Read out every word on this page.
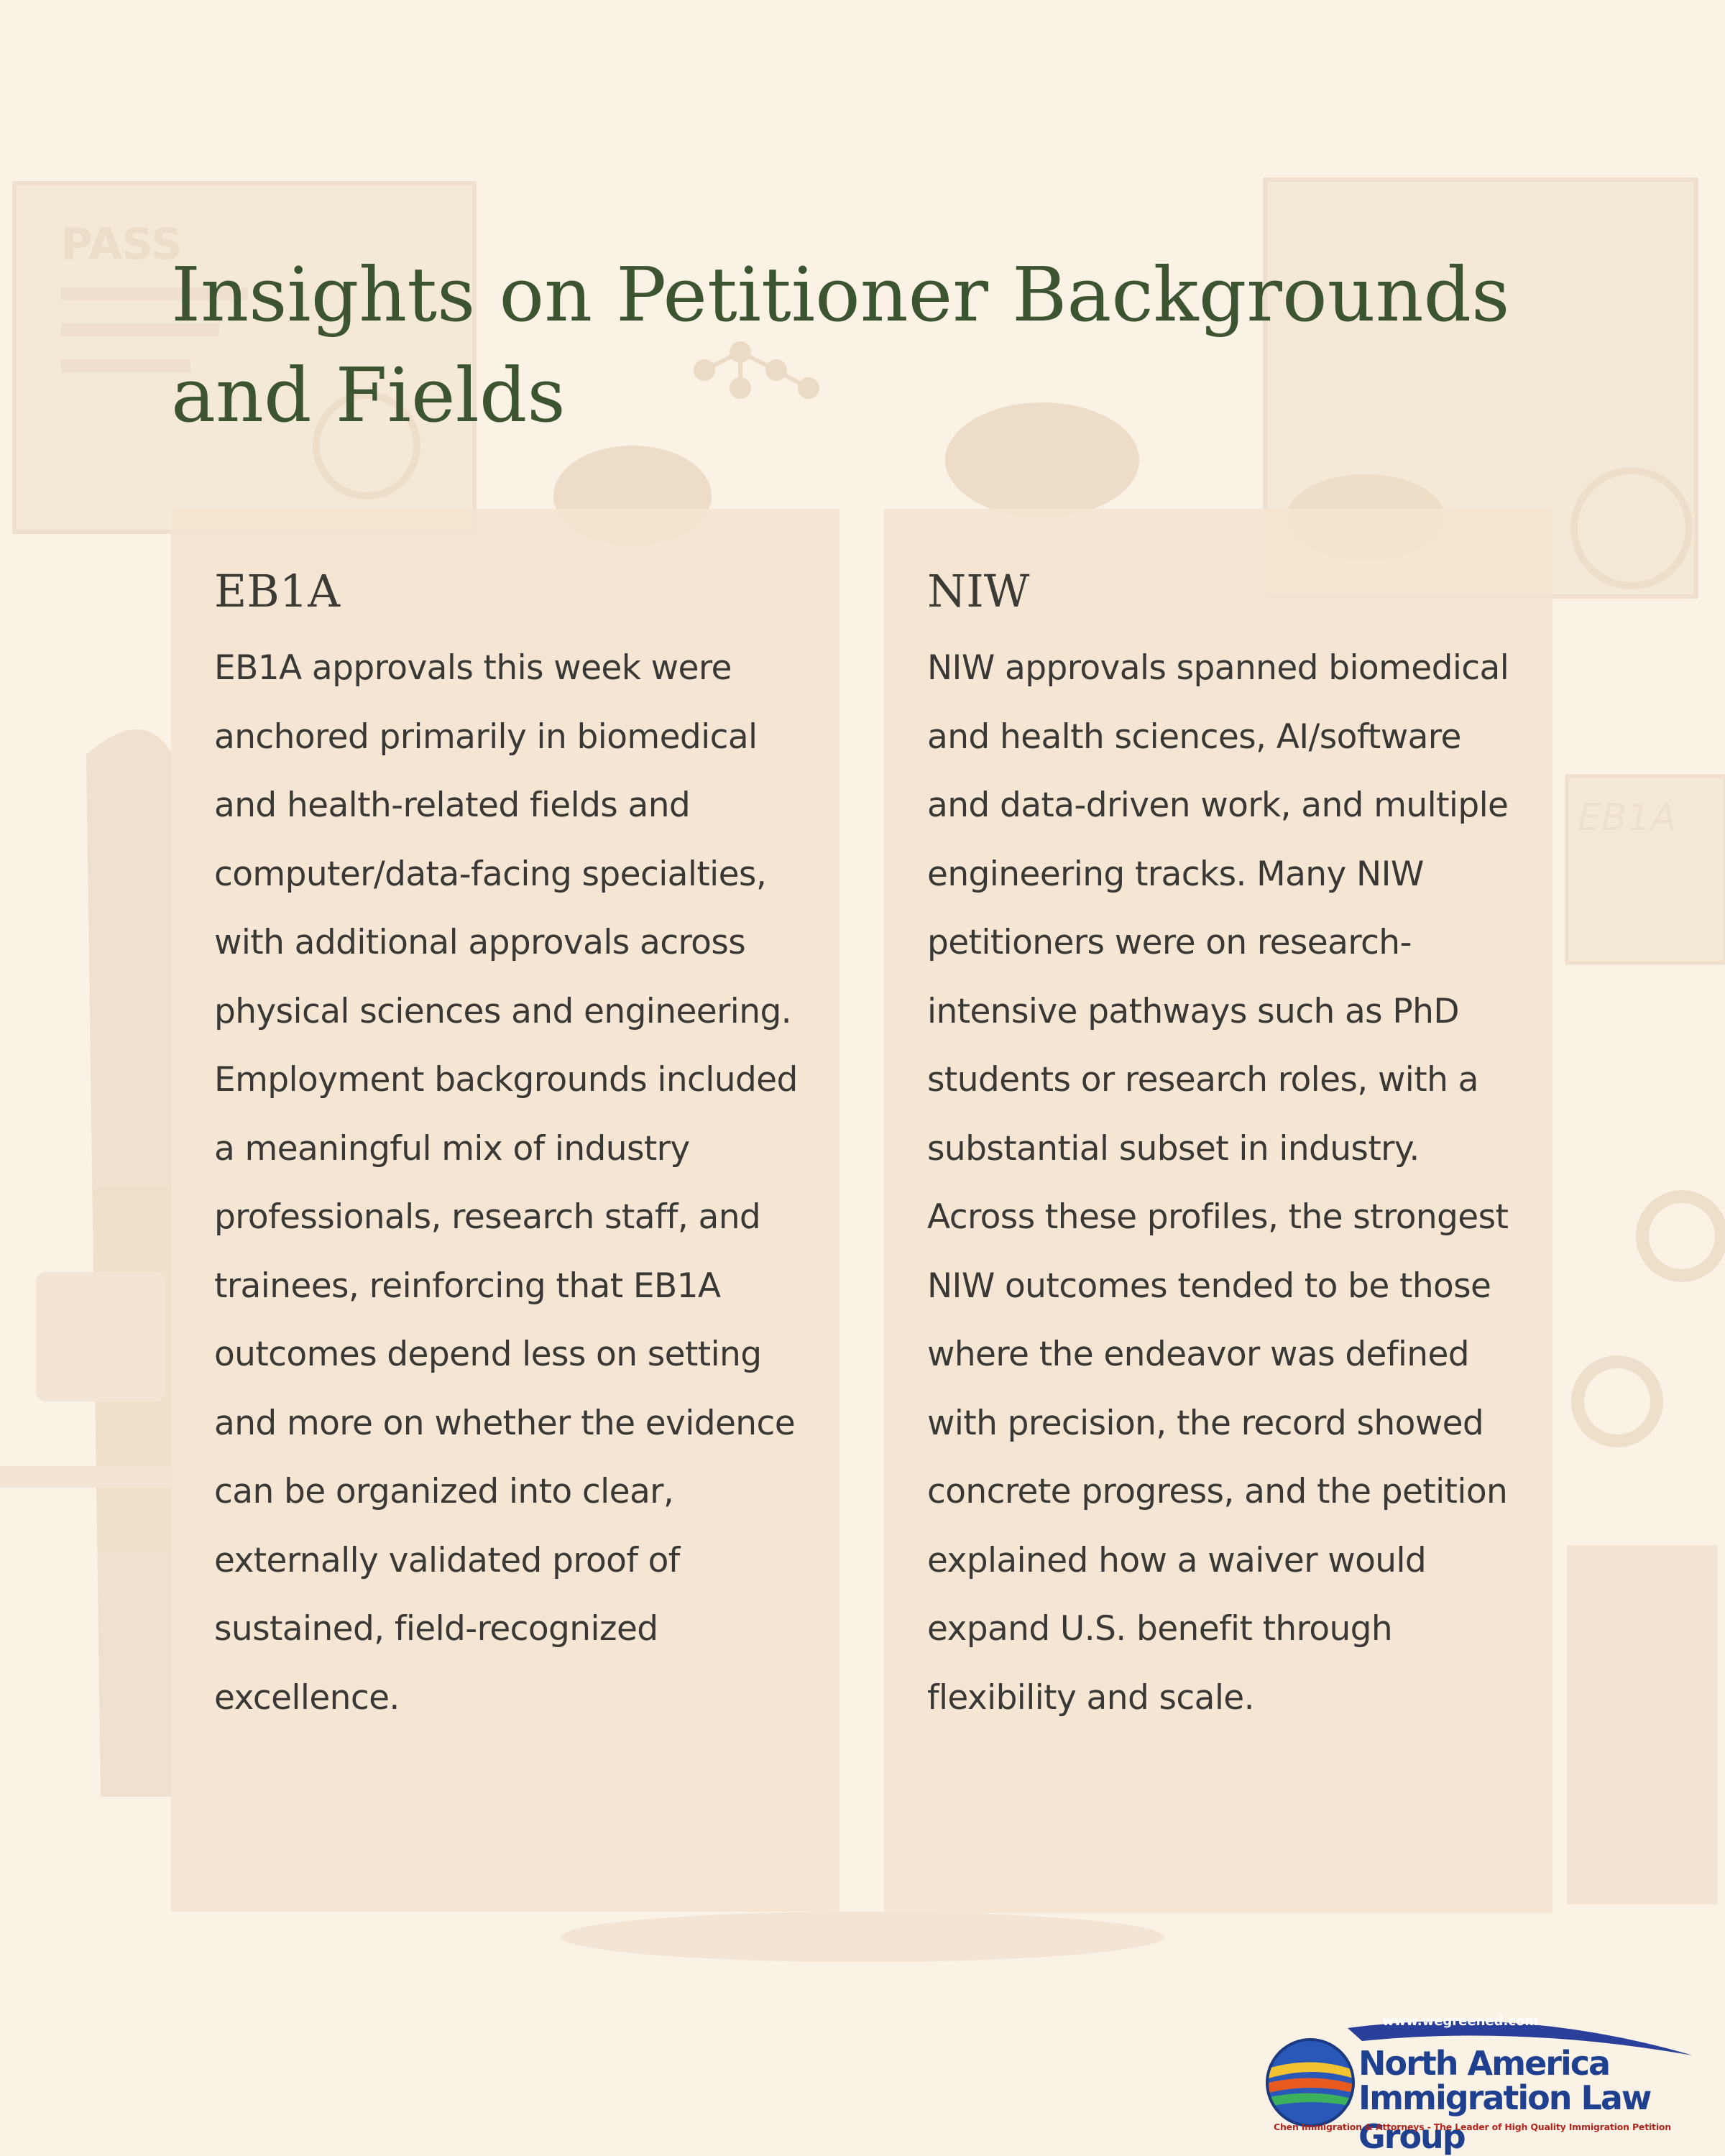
PASS
EB1A
Insights on Petitioner Backgrounds and Fields
EB1A

EB1A approvals this week were anchored primarily in biomedical and health-related fields and computer/data-facing specialties, with additional approvals across physical sciences and engineering. Employment backgrounds included a meaningful mix of industry professionals, research staff, and trainees, reinforcing that EB1A outcomes depend less on setting and more on whether the evidence can be organized into clear, externally validated proof of sustained, field-recognized excellence.

NIW

NIW approvals spanned biomedical and health sciences, AI/software and data-driven work, and multiple engineering tracks. Many NIW petitioners were on research-intensive pathways such as PhD students or research roles, with a substantial subset in industry. Across these profiles, the strongest NIW outcomes tended to be those where the endeavor was defined with precision, the record showed concrete progress, and the petition explained how a waiver would expand U.S. benefit through flexibility and scale.

www.wegreened.com
North America
Immigration Law Group
Chen Immigration & Attorneys - The Leader of High Quality Immigration Petition
